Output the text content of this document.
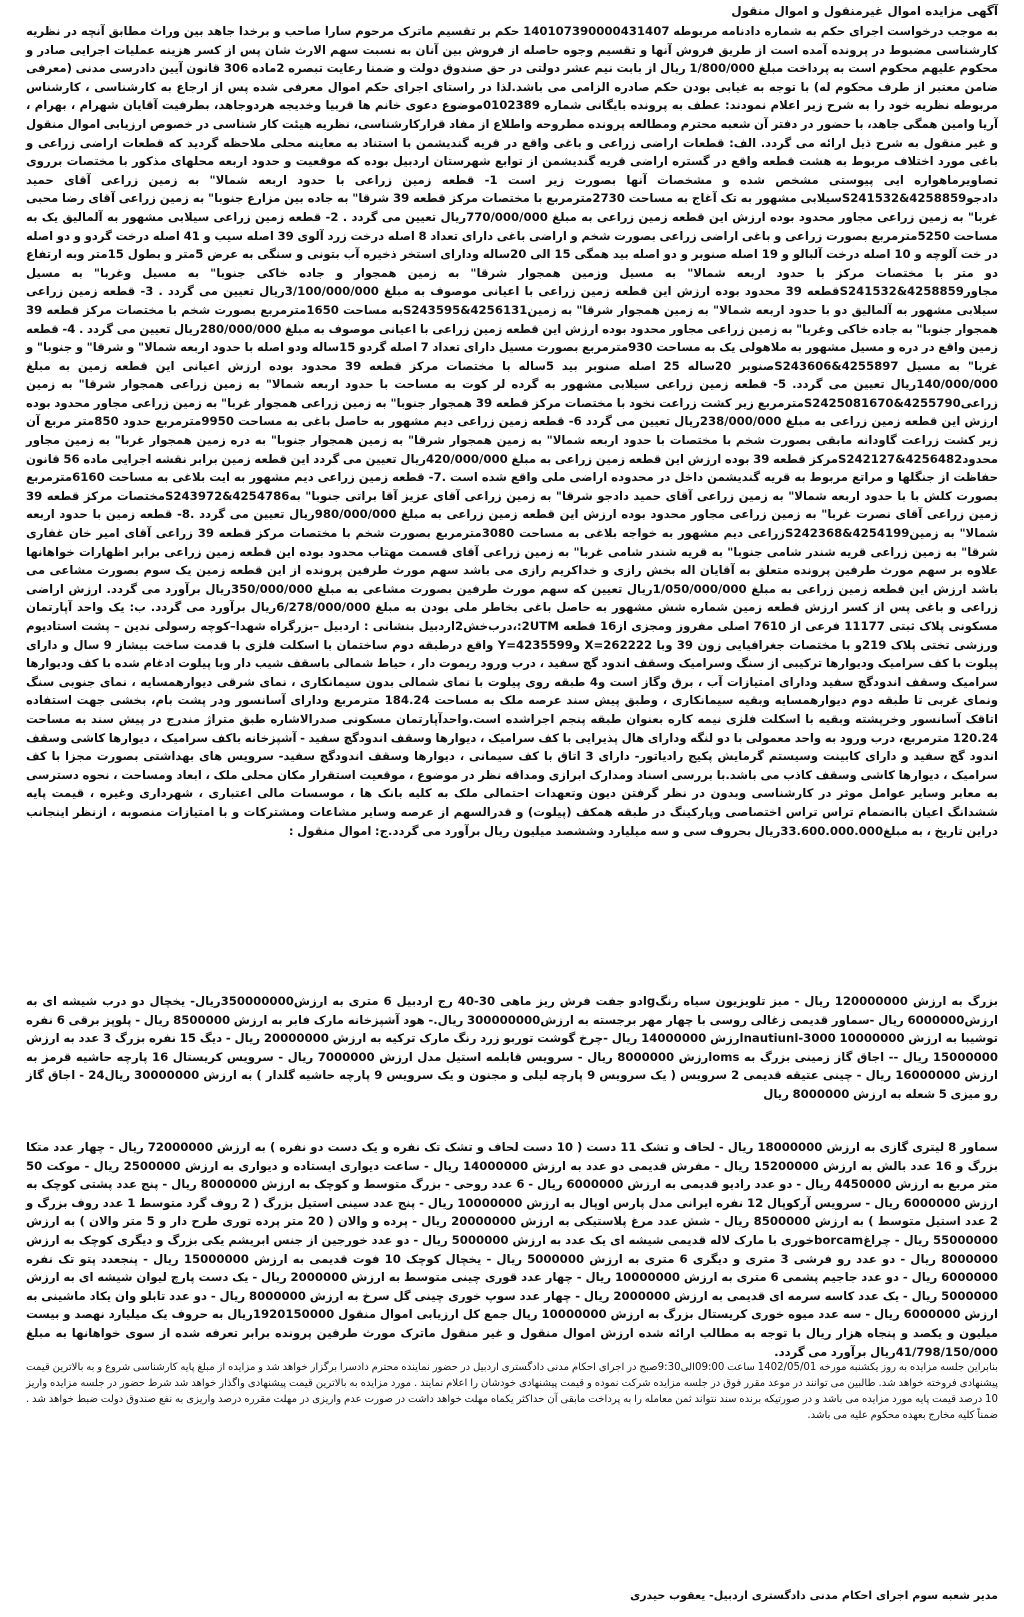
آگهی مزایده اموال غیرمنقول و اموال منقول

به موجب درخواست اجرای حکم به شماره دادنامه مربوطه 140107390000431407 حکم بر تقسیم ماترک مرحوم سارا صاحب و برخدا جاهد بین وراث مطابق آنچه در نظریه کارشناسی مضبوط در پرونده آمده است از طریق فروش آنها و تقسیم وجوه حاصله از فروش بین آنان به نسبت سهم الارث شان پس از کسر هزینه عملیات اجرایی صادر و محکوم علیهم محکوم است به پرداخت مبلغ 1/800/000 ریال از بابت نیم عشر دولتی در حق صندوق دولت و ضمنا رعایت تبصره 2ماده 306 قانون آیین دادرسی مدنی (معرفی ضامن معتبر از طرف محکوم له) با توجه به غیابی بودن حکم صادره الزامی می باشد.لذا در راستای اجرای حکم اموال معرفی شده پس از ارجاع به کارشناسی ، کارشناس مربوطه نظریه خود را به شرح زیر اعلام نمودند: عطف به پرونده بایگانی شماره 0102389موضوع دعوی خانم ها قربیا وخدیجه هردوجاهد، بطرفیت آقایان شهرام ، بهرام ، آریا وامین همگی جاهد، با حضور در دفتر آن شعبه محترم ومطالعه پرونده مطروحه واطلاع از مفاد قرارکارشناسی، نظریه هیئت کار شناسی در خصوص ارزیابی اموال منقول و غیر منقول به شرح ذیل ارائه می گردد. الف: قطعات اراضی زراعی و باغی واقع در قریه گندیشمن با استناد به معاینه محلی ملاحظه گردید که قطعات اراضی زراعی و باغی مورد اختلاف مربوط به هشت قطعه واقع در گستره اراضی قریه گندیشمن از توابع شهرستان اردبیل بوده که موقعیت و حدود اربعه محلهای مذکور با مختصات برروی تصاویرماهواره ایی پیوستی مشخص شده و مشخصات آنها بصورت زیر است 1- قطعه زمین زراعی با حدود اربعه شمالا" به زمین زراعی آقای حمید دادجو4258859&S241532سیلابی مشهور به تک آغاج به مساحت 2730مترمربع با مختصات مرکز قطعه 39 شرقا" به جاده بین مزارع جنوبا" به زمین زراعی آقای رضا محبی غربا" به زمین زراعی مجاور محدود بوده ارزش این قطعه زمین زراعی به مبلغ 770/000/000ریال تعیین می گردد . 2- قطعه زمین زراعی سیلابی مشهور به آلمالیق یک به مساحت 5250مترمربع بصورت زراعی و باغی اراضی زراعی بصورت شخم و اراضی باغی دارای تعداد 8 اصله درخت زرد آلوی 39 اصله سیب و 41 اصله درخت گردو و دو اصله در خت آلوچه و 10 اصله درخت آلبالو و 19 اصله صنوبر و دو اصله بید همگی 15 الی 20ساله ودارای استخر ذخیره آب بتونی و سنگی به عرض 5متر و بطول 15متر وبه ارتفاع دو متر با مختصات مرکز با حدود اربعه شمالا" به مسیل وزمین همجوار شرقا" به زمین همجوار و جاده خاکی جنوبا" به مسیل وغربا" به مسیل مجاور4258859&S241532قطعه 39 محدود بوده ارزش این قطعه زمین زراعی با اعیانی موصوف به مبلغ 3/100/000/000ریال تعیین می گردد . 3- قطعه زمین زراعی سیلابی مشهور به آلمالیق دو با حدود اربعه شمالا" به زمین همجوار شرقا" به زمین4256131&S243595به مساحت 1650مترمربع بصورت شخم با مختصات مرکز قطعه 39 همجوار جنوبا" به جاده خاکی وغربا" به زمین زراعی مجاور محدود بوده ارزش این قطعه زمین زراعی با اعیانی موصوف به مبلغ 280/000/000ریال تعیین می گردد . 4- قطعه زمین واقع در دره و مسیل مشهور به ملاهولی یک به مساحت 930مترمربع بصورت مسیل دارای تعداد 7 اصله گردو 15ساله ودو اصله با حدود اربعه شمالا" و شرقا" و جنوبا" و غربا" به مسیل 4255897&S243606صنوبر 20ساله 25 اصله صنوبر بید 5ساله با مختصات مرکز قطعه 39 محدود بوده ارزش اعیانی این قطعه زمین به مبلغ 140/000/000ریال تعیین می گردد. 5- قطعه زمین زراعی سیلابی مشهور به گرده لر کوت به مساحت با حدود اربعه شمالا" به زمین زراعی همجوار شرقا" به زمین زراعی4255790&S2425081670مترمربع زیر کشت زراعت نخود با مختصات مرکز قطعه 39 همجوار جنوبا" به زمین زراعی همجوار غربا" به زمین زراعی مجاور محدود بوده ارزش این قطعه زمین زراعی به مبلغ 238/000/000ریال تعیین می گردد 6- قطعه زمین زراعی دیم مشهور به حاصل باغی به مساحت 9950مترمربع حدود 850متر مربع آن زیر کشت زراعت گاودانه مابقی بصورت شخم با مختصات با حدود اربعه شمالا" به زمین همجوار شرقا" به زمین همجوار جنوبا" به دره زمین همجوار غربا" به زمین مجاور محدود4256482&S242127مرکز قطعه 39 بوده ارزش این قطعه زمین زراعی به مبلغ 420/000/000ریال تعیین می گردد این قطعه زمین برابر نقشه اجرایی ماده 56 قانون حفاظت از جنگلها و مراتع مربوط به قریه گندیشمن داخل در محدوده اراضی ملی واقع شده است .7- قطعه زمین زراعی دیم مشهور به ایت بلاغی به مساحت 6160مترمربع بصورت کلش با با حدود اربعه شمالا" به زمین زراعی آقای حمید دادجو شرقا" به زمین زراعی آقای عزیز آقا براتی جنوبا" به4254786&S243972مختصات مرکز قطعه 39 زمین زراعی آقای نصرت غربا" به زمین زراعی مجاور محدود بوده ارزش این قطعه زمین زراعی به مبلغ 980/000/000ریال تعیین می گردد .8- قطعه زمین با حدود اربعه شمالا" به زمین4254199&S242368زراعی دیم مشهور به خواجه بلاغی به مساحت 3080مترمربع بصورت شخم با مختصات مرکز قطعه 39 زراعی آقای امیر خان غفاری شرقا" به زمین زراعی قریه شندر شامی جنوبا" به قریه شندر شامی غربا" به زمین زراعی آقای قسمت مهتاب محدود بوده این قطعه زمین زراعی برابر اظهارات خواهانها علاوه بر سهم مورث طرفین پرونده متعلق به آقایان اله بخش رازی و خداکریم رازی می باشد سهم مورث طرفین پرونده از این قطعه زمین یک سوم بصورت مشاعی می باشد ارزش این قطعه زمین زراعی به مبلغ 1/050/000/000ریال تعیین که سهم مورث طرفین بصورت مشاعی به مبلغ 350/000/000ریال برآورد می گردد. ارزش اراضی زراعی و باغی پس از کسر ارزش قطعه زمین شماره شش مشهور به حاصل باغی بخاطر ملی بودن به مبلغ 6/278/000/000ریال برآورد می گردد. ب: یک واحد آپارتمان مسکونی پلاک ثبتی 11177 فرعی از 7610 اصلی مفروز ومجزی از16 قطعه 2UTM:،درب‌خش2اردبیل بنشانی : اردبیل –بزرگراه شهدا–کوچه رسولی ندین – پشت استادیوم ورزشی تختی پلاک 219و با مختصات جغرافیایی زون 39 وبا X=262222 وY=4235599 واقع درطبقه دوم ساختمان با اسکلت فلزی با قدمت ساخت بیشاز 9 سال و دارای پیلوت با کف سرامیک ودیوارها ترکیبی از سنگ وسرامیک وسقف اندود گچ سفید ، درب ورود ریموت دار ، حیاط شمالی باسقف شیب دار وبا پیلوت ادغام شده با کف ودیوارها سرامیک وسقف اندودگچ سفید ودارای امتیازات آب ، برق وگاز است و4 طبقه روی پیلوت با نمای شمالی بدون سیمانکاری ، نمای شرقی دیوارهمسایه ، نمای جنوبی سنگ ونمای غربی تا طبقه دوم دیوارهمسایه وبقیه سیمانکاری ، وطبق پیش سند عرصه ملک به مساحت 184.24 مترمربع ودارای آسانسور ودر پشت بام، بخشی جهت استفاده اتاقک آسانسور وخرپشته وبقیه با اسکلت فلزی نیمه کاره بعنوان طبقه پنجم اجراشده است.واحدآپارتمان مسکونی صدرالاشاره طبق متراژ مندرج در پیش سند به مساحت 120.24 مترمربع، درب ورود به واحد معمولی با دو لنگه ودارای هال پذیرایی با کف سرامیک ، دیوارها وسقف اندودگچ سفید - آشپزخانه باکف سرامیک ، دیوارها کاشی وسقف اندود گچ سفید و دارای کابینت وسیستم گرمایش پکیج رادیاتور- دارای 3 اتاق با کف سیمانی ، دیوارها وسقف اندودگچ سفید- سرویس های بهداشتی بصورت مجزا با کف سرامیک ، دیوارها کاشی وسقف کاذب می باشد.با بررسی اسناد ومدارک ابرازی ومداقه نظر در موضوع ، موقعیت استقرار مکان محلی ملک ، ابعاد ومساحت ، نحوه دسترسی به معابر وسایر عوامل موثر در کارشناسی وبدون در نظر گرفتن دیون وتعهدات احتمالی ملک به کلیه بانک ها ، موسسات مالی اعتباری ، شهرداری وغیره ، قیمت پایه ششدانگ اعیان باانضمام تراس تراس اختصاصی وپارکینگ در طبقه همکف (پیلوت) و قدرالسهم از عرصه وسایر مشاعات ومشترکات و با امتیازات منصوبه ، ازنظر اینجانب دراین تاریخ ، به مبلغ33.600.000.000ریال بحروف سی و سه میلیارد وششصد میلیون ریال برآورد می گردد.ج: اموال منقول :

بزرگ به ارزش 120000000 ریال - میز تلویزیون سیاه رنگlgدو جفت فرش ریز ماهی 30-40 رج اردبیل 6 متری به ارزش350000000ریال- یخچال دو درب شیشه ای به ارزش6000000 ریال -سماور قدیمی زغالی روسی با چهار مهر برجسته به ارزش300000000 ریال.- هود آشپزخانه مارک فابر به ارزش 8500000 ریال - پلوپز برقی 6 نفره توشیبا به ارزش 10000000 nautiunl-3000ارزش 14000000 ریال -چرخ گوشت توربو زرد رنگ مارک ترکیه به ارزش 20000000 ریال - دیگ 15 نفره بزرگ 3 عدد به ارزش 15000000 ریال -- اجاق گاز زمینی بزرگ به omsارزش 8000000 ریال - سرویس قابلمه استیل مدل ارزش 7000000 ریال - سرویس کریستال 16 پارچه حاشیه قرمز به ارزش 16000000 ریال - چینی عتیقه قدیمی 2 سرویس ( یک سرویس 9 پارچه لیلی و مجنون و یک سرویس 9 پارچه حاشیه گلدار ) به ارزش 30000000 ریال24 - اجاق گاز رو میزی 5 شعله به ارزش 8000000 ریال

سماور 8 لیتری گازی به ارزش 18000000 ریال - لحاف و تشک 11 دست ( 10 دست لحاف و تشک تک نفره و یک دست دو نفره ) به ارزش 72000000 ریال - چهار عدد متکا بزرگ و 16 عدد بالش به ارزش 15200000 ریال - مفرش قدیمی دو عدد به ارزش 14000000 ریال - ساعت دیواری ایستاده و دیواری به ارزش 2500000 ریال - موکت 50 متر مربع به ارزش 4450000 ریال - دو عدد رادیو قدیمی به ارزش 6000000 ریال - 6 عدد روحی - بزرگ متوسط و کوچک به ارزش 8000000 ریال - پنج عدد پشتی کوچک به ارزش 6000000 ریال - سرویس آرکوپال 12 نفره ایرانی مدل پارس اوپال به ارزش 10000000 ریال - پنج عدد سینی استیل بزرگ ( 2 روف گرد متوسط 1 عدد روف بزرگ و 2 عدد استیل متوسط ) به ارزش 8500000 ریال - شش عدد مرغ پلاستیکی به ارزش 20000000 ریال - پرده و والان ( 20 متر پرده توری طرح دار و 5 متر والان ) به ارزش 55000000 ریال - چراغborcamخوری با مارک لاله قدیمی شیشه ای یک عدد به ارزش 5000000 ریال - دو عدد خورجین از جنس ابریشم یکی بزرگ و دیگری کوچک به ارزش 8000000 ریال - دو عدد رو فرشی 3 متری و دیگری 6 متری به ارزش 5000000 ریال - یخچال کوچک 10 فوت قدیمی به ارزش 15000000 ریال - پنجعدد پتو تک نفره 6000000 ریال - دو عدد جاجیم پشمی 6 متری به ارزش 10000000 ریال - چهار عدد قوری چینی متوسط به ارزش 2000000 ریال - یک دست پارچ لیوان شیشه ای به ارزش 5000000 ریال - یک عدد کاسه سرمه ای قدیمی به ارزش 2000000 ریال - چهار عدد سوپ خوری چینی گل سرخ به ارزش 8000000 ریال - دو عدد تابلو وان یکاد ماشینی به ارزش 6000000 ریال - سه عدد میوه خوری کریستال بزرگ به ارزش 10000000 ریال جمع کل ارزیابی اموال منقول 1920150000ریال به حروف یک میلیارد نهصد و بیست میلیون و یکصد و پنجاه هزار ریال با توجه به مطالب ارائه شده ارزش اموال منقول و غیر منقول ماترک مورث طرفین پرونده برابر تعرفه شده از سوی خواهانها به مبلغ 41/798/150/000ریال برآورد می گردد.

بنابراین جلسه مزایده به روز یکشنبه مورخه 1402/05/01 ساعت 09:00الی9:30صبح در اجرای احکام مدنی دادگستری اردبیل در حضور نماینده محترم دادسرا برگزار خواهد شد و مزایده از مبلغ پایه کارشناسی شروع و به بالاترین قیمت پیشنهادی فروخته خواهد شد. طالبین می توانند در موعد مقرر فوق در جلسه مزایده شرکت نموده و قیمت پیشنهادی خودشان را اعلام نمایند . مورد مزایده به بالاترین قیمت پیشنهادی واگذار خواهد شد شرط حضور در جلسه مزایده واریز 10 درصد قیمت پایه مورد مزایده می باشد و در صورتیکه برنده سند نتواند ثمن معامله را به پرداخت مابقی آن حداکثر یکماه مهلت خواهد داشت در صورت عدم واریزی در مهلت مقرره درصد واریزی به نفع صندوق دولت ضبط خواهد شد . ضمناً کلیه مخارج بعهده محکوم علیه می باشد.

مدیر شعبه سوم اجرای احکام مدنی دادگستری اردبیل- یعقوب حیدری
